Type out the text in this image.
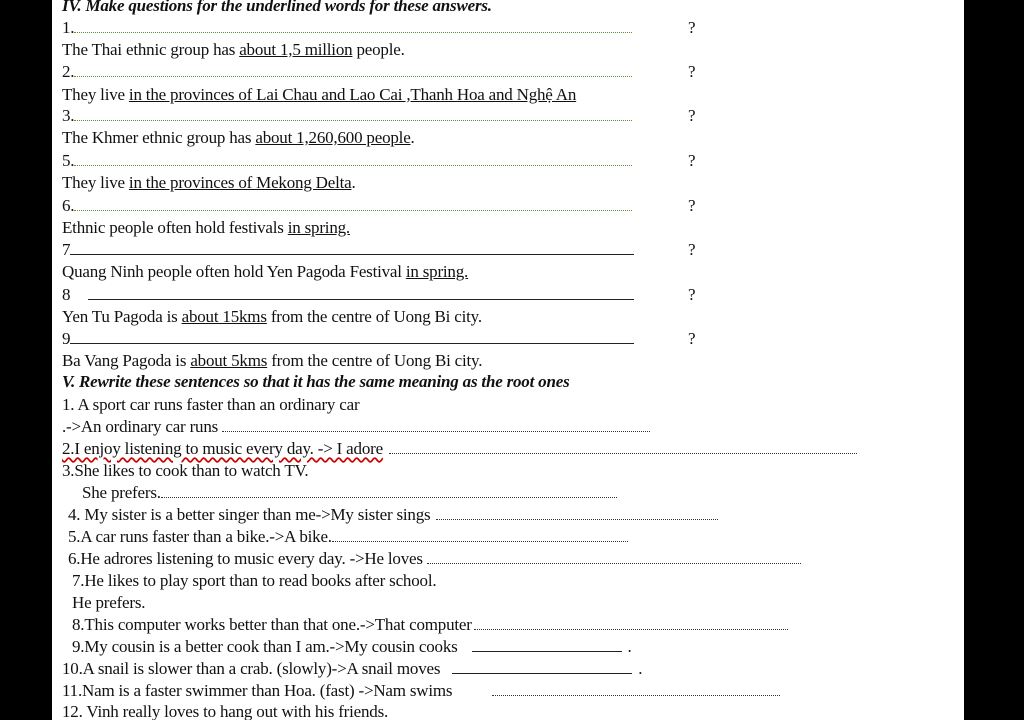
IV. Make questions for the underlined words for these answers.
1.	?
The Thai ethnic group has about 1,5 million people.
2.	?
They live in the provinces of Lai Chau and Lao Cai ,Thanh Hoa and Nghệ An
3.	?
The Khmer ethnic group has about 1,260,600 people.
5.	?
They live in the provinces of Mekong Delta.
6.	?
Ethnic people often hold festivals in spring.
7	?
Quang Ninh people often hold Yen Pagoda Festival in spring.
8	?
Yen Tu Pagoda is about 15kms from the centre of Uong Bi city.
9	?
Ba Vang Pagoda is about 5kms from the centre of Uong Bi city.
V. Rewrite these sentences so that it has the same meaning as the root ones
1. A sport car runs faster than an ordinary car
.->An ordinary car runs
2.I enjoy listening to music every day. -> I adore
3.She likes to cook than to watch TV.
She prefers.
4. My sister is a better singer than me->My sister sings
5.A car runs faster than a bike.->A bike.
6.He adrores listening to music every day. ->He loves
7.He likes to play sport than to read books after school.
He prefers.
8.This computer works better than that one.->That computer
9.My cousin is a better cook than I am.->My cousin cooks	.
10.A snail is slower than a crab. (slowly)->A snail moves	.
11.Nam is a faster swimmer than Hoa. (fast) ->Nam swims
12. Vinh really loves to hang out with his friends.
